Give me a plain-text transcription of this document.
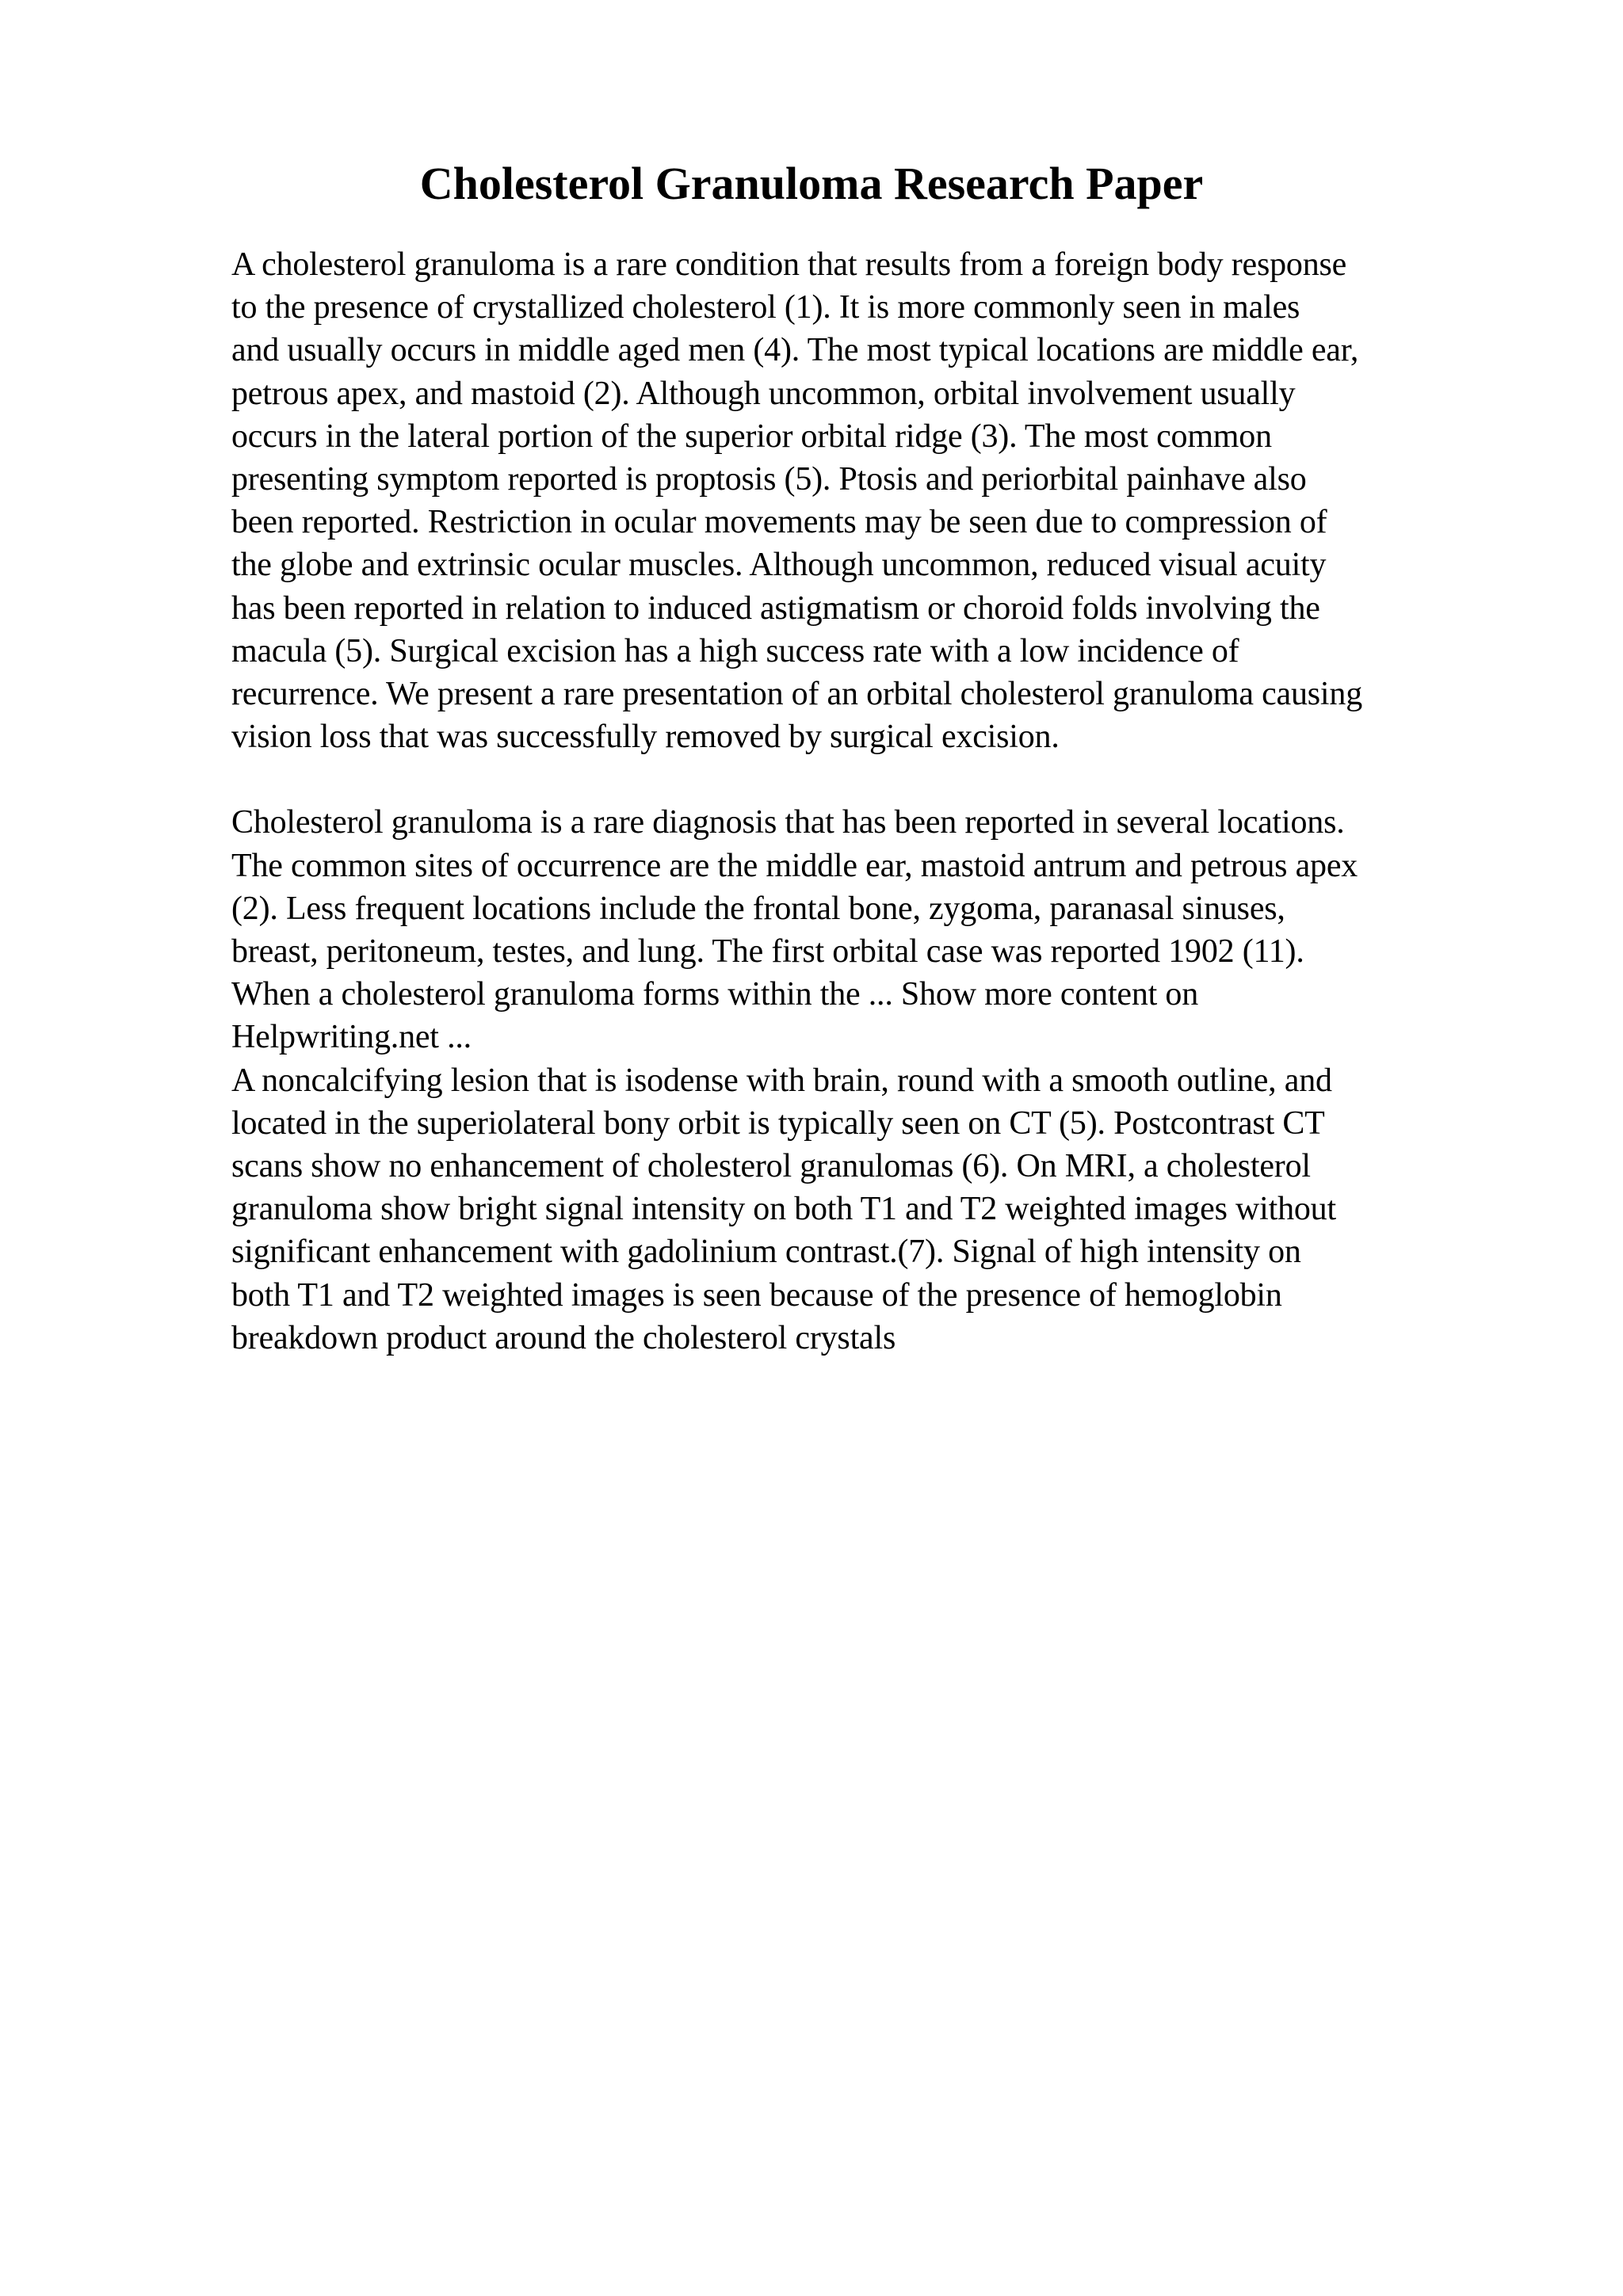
Cholesterol Granuloma Research Paper
A cholesterol granuloma is a rare condition that results from a foreign body response
to the presence of crystallized cholesterol (1). It is more commonly seen in males
and usually occurs in middle aged men (4). The most typical locations are middle ear,
petrous apex, and mastoid (2). Although uncommon, orbital involvement usually
occurs in the lateral portion of the superior orbital ridge (3). The most common
presenting symptom reported is proptosis (5). Ptosis and periorbital painhave also
been reported. Restriction in ocular movements may be seen due to compression of
the globe and extrinsic ocular muscles. Although uncommon, reduced visual acuity
has been reported in relation to induced astigmatism or choroid folds involving the
macula (5). Surgical excision has a high success rate with a low incidence of
recurrence. We present a rare presentation of an orbital cholesterol granuloma causing
vision loss that was successfully removed by surgical excision.
Cholesterol granuloma is a rare diagnosis that has been reported in several locations.
The common sites of occurrence are the middle ear, mastoid antrum and petrous apex
(2). Less frequent locations include the frontal bone, zygoma, paranasal sinuses,
breast, peritoneum, testes, and lung. The first orbital case was reported 1902 (11).
When a cholesterol granuloma forms within the ... Show more content on
Helpwriting.net ...
A noncalcifying lesion that is isodense with brain, round with a smooth outline, and
located in the superiolateral bony orbit is typically seen on CT (5). Postcontrast CT
scans show no enhancement of cholesterol granulomas (6). On MRI, a cholesterol
granuloma show bright signal intensity on both T1 and T2 weighted images without
significant enhancement with gadolinium contrast.(7). Signal of high intensity on
both T1 and T2 weighted images is seen because of the presence of hemoglobin
breakdown product around the cholesterol crystals
